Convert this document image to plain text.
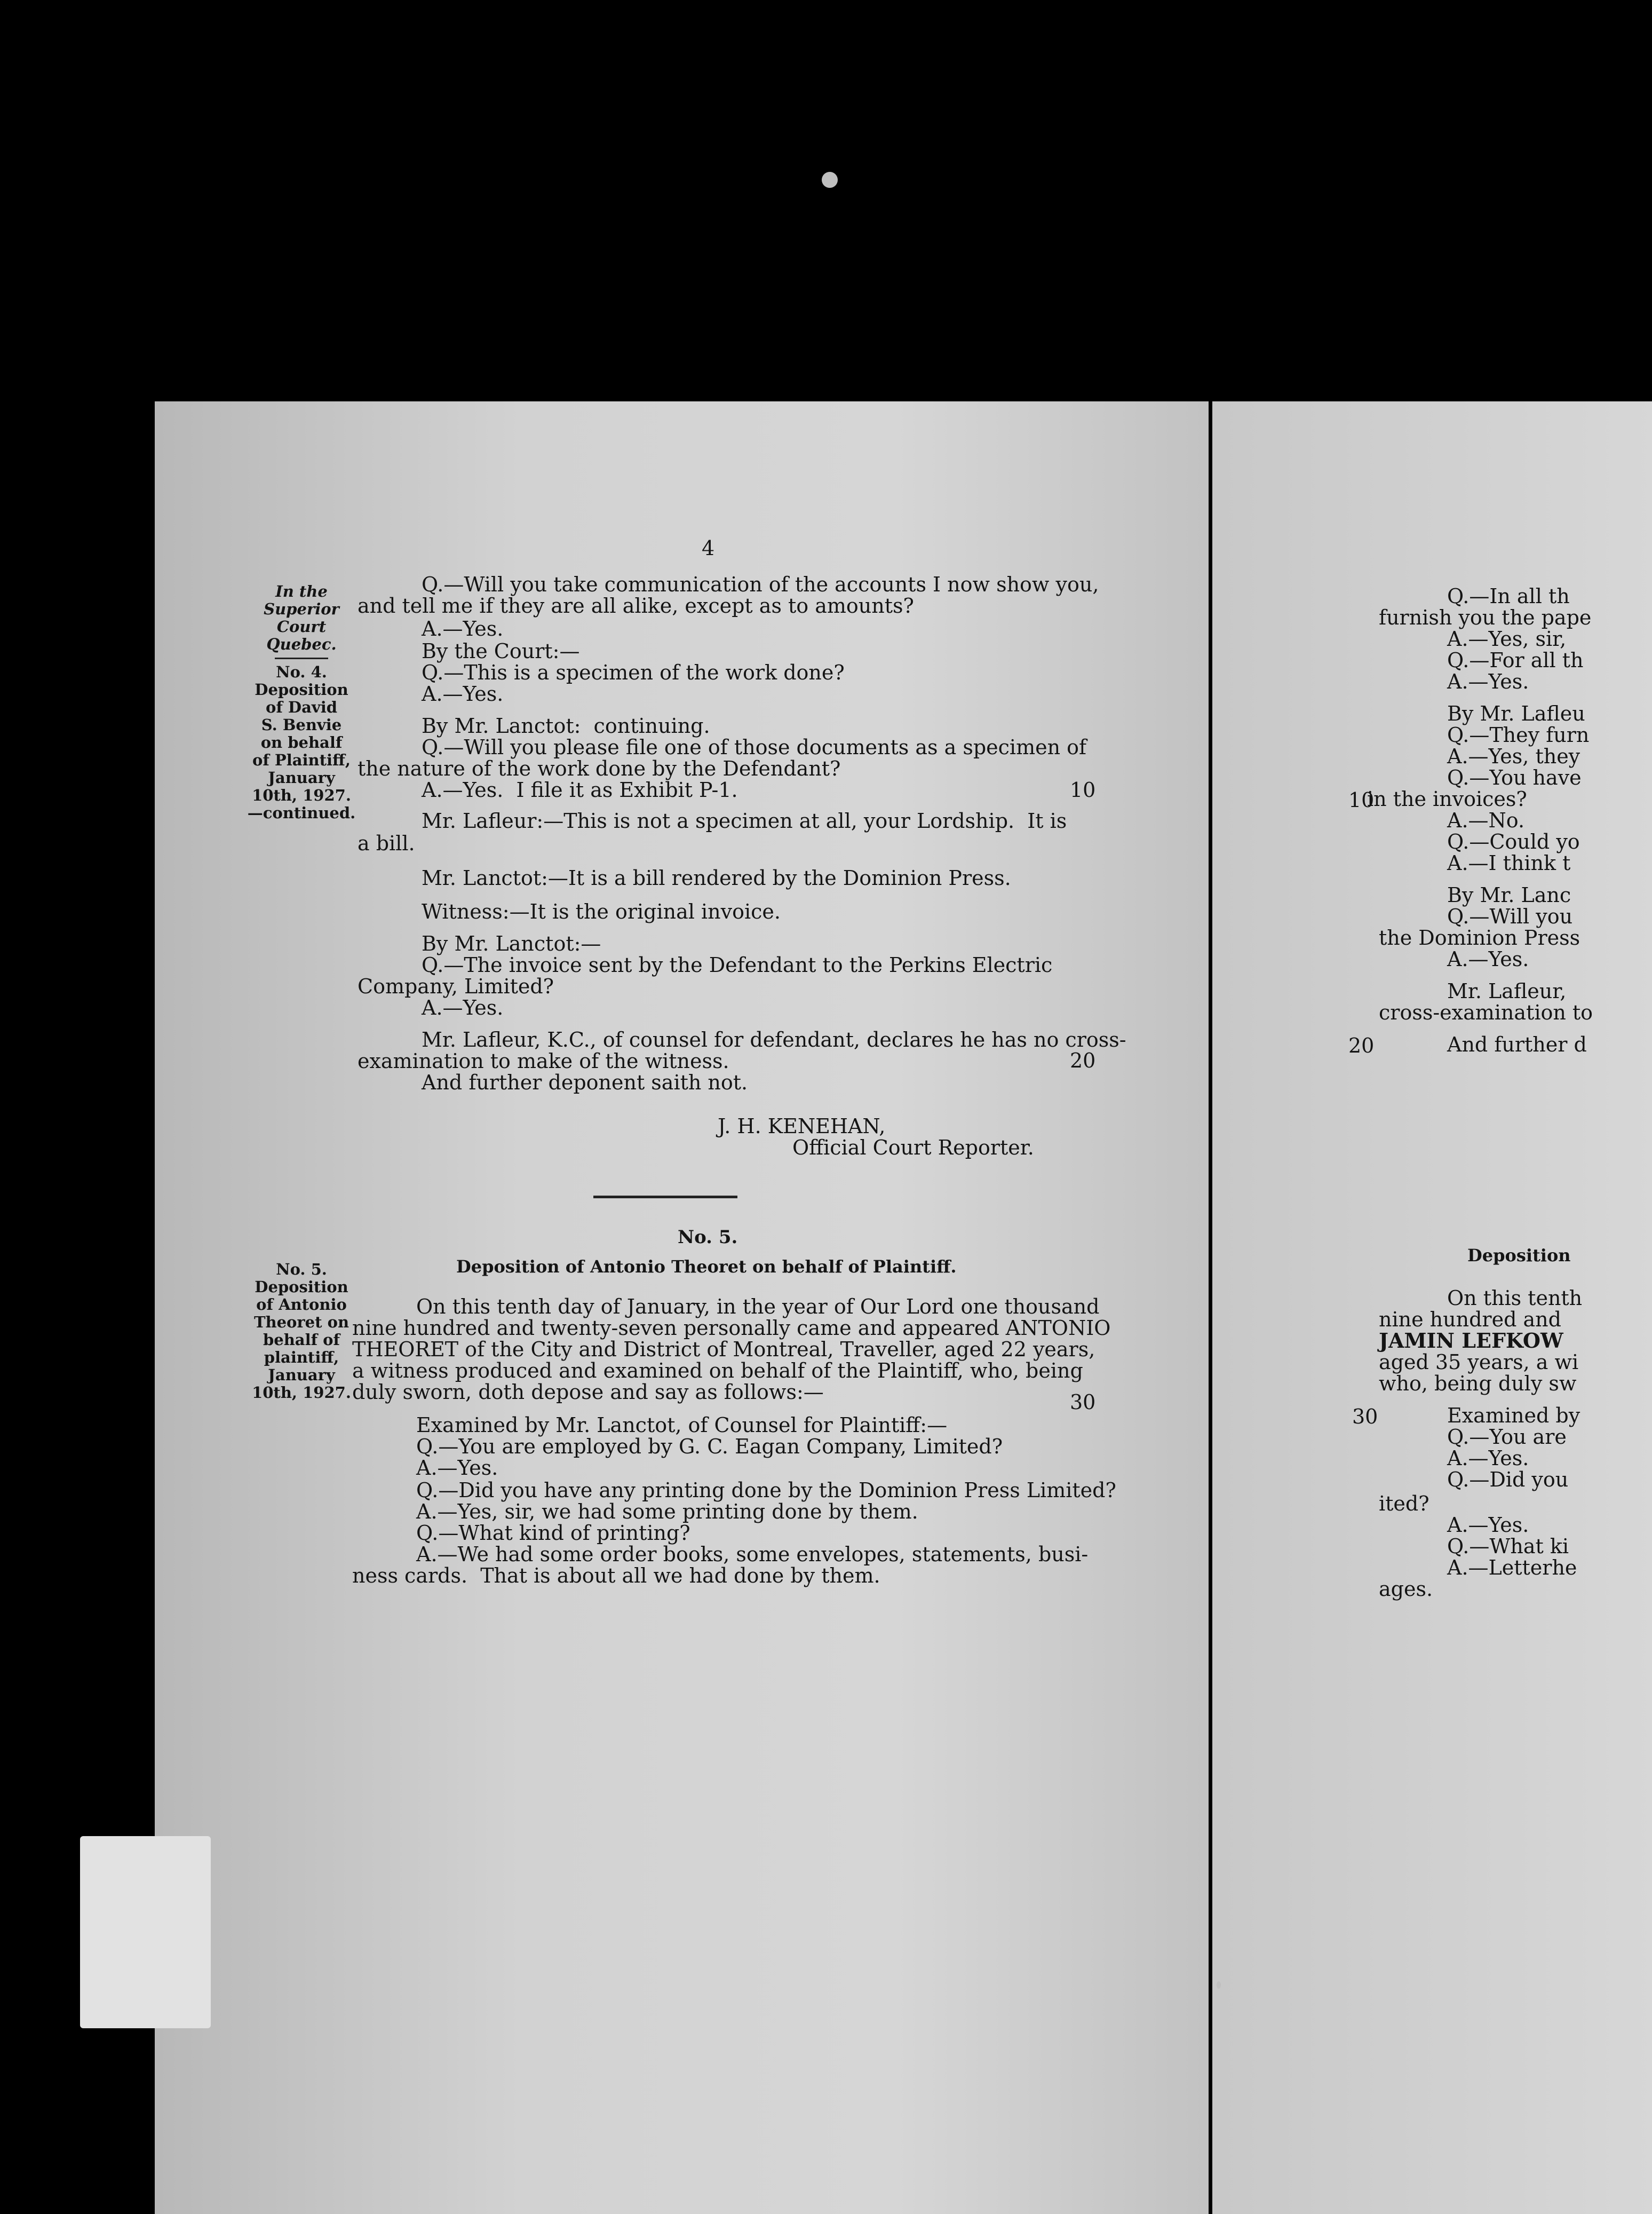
4
In the
Superior
Court
Quebec.
No. 4.
Deposition
of David
S. Benvie
on behalf
of Plaintiff,
January
10th, 1927.
—continued.
Q.—Will you take communication of the accounts I now show you,
and tell me if they are all alike, except as to amounts?
A.—Yes.
By the Court:—
Q.—This is a specimen of the work done?
A.—Yes.
By Mr. Lanctot:  continuing.
Q.—Will you please file one of those documents as a specimen of
the nature of the work done by the Defendant?
A.—Yes.  I file it as Exhibit P-1.
Mr. Lafleur:—This is not a specimen at all, your Lordship.  It is
a bill.
Mr. Lanctot:—It is a bill rendered by the Dominion Press.
Witness:—It is the original invoice.
By Mr. Lanctot:—
Q.—The invoice sent by the Defendant to the Perkins Electric
Company, Limited?
A.—Yes.
Mr. Lafleur, K.C., of counsel for defendant, declares he has no cross-
examination to make of the witness.
And further deponent saith not.
10
20
30
J. H. KENEHAN,
Official Court Reporter.
No. 5.
Deposition of Antonio Theoret on behalf of Plaintiff.
No. 5.
Deposition
of Antonio
Theoret on
behalf of
plaintiff,
January
10th, 1927.
On this tenth day of January, in the year of Our Lord one thousand
nine hundred and twenty-seven personally came and appeared ANTONIO
THEORET of the City and District of Montreal, Traveller, aged 22 years,
a witness produced and examined on behalf of the Plaintiff, who, being
duly sworn, doth depose and say as follows:—
Examined by Mr. Lanctot, of Counsel for Plaintiff:—
Q.—You are employed by G. C. Eagan Company, Limited?
A.—Yes.
Q.—Did you have any printing done by the Dominion Press Limited?
A.—Yes, sir, we had some printing done by them.
Q.—What kind of printing?
A.—We had some order books, some envelopes, statements, busi-
ness cards.  That is about all we had done by them.
Q.—In all th
furnish you the pape
A.—Yes, sir,
Q.—For all th
A.—Yes.
By Mr. Lafleu
Q.—They furn
A.—Yes, they
Q.—You have
in the invoices?
A.—No.
Q.—Could yo
A.—I think t
By Mr. Lanc
Q.—Will you
the Dominion Press
A.—Yes.
Mr. Lafleur,
cross-examination to
And further d
10
20
30
Deposition
On this tenth
nine hundred and
JAMIN LEFKOW
aged 35 years, a wi
who, being duly sw
Examined by
Q.—You are
A.—Yes.
Q.—Did you
ited?
A.—Yes.
Q.—What ki
A.—Letterhe
ages.
